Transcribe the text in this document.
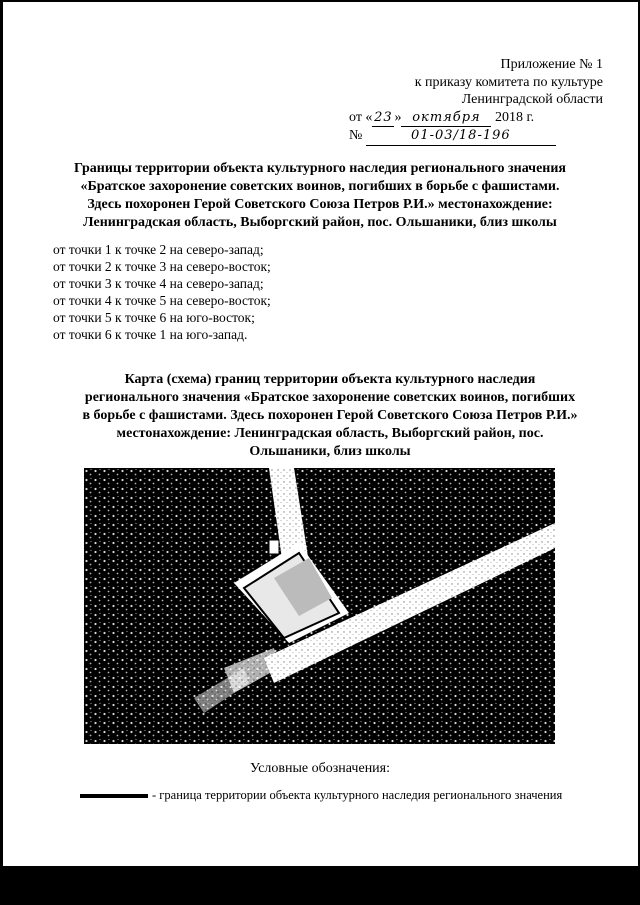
Приложение № 1
к приказу комитета по культуре
Ленинградской области
от « 23 » октября 2018 г.
№	01-03/18-196
Границы территории объекта культурного наследия регионального значения
«Братское захоронение советских воинов, погибших в борьбе с фашистами.
Здесь похоронен Герой Советского Союза Петров Р.И.» местонахождение:
Ленинградская область, Выборгский район, пос. Ольшаники, близ школы
от точки 1 к точке 2 на северо-запад;
от точки 2 к точке 3 на северо-восток;
от точки 3 к точке 4 на северо-запад;
от точки 4 к точке 5 на северо-восток;
от точки 5 к точке 6 на юго-восток;
от точки 6 к точке 1 на юго-запад.
Карта (схема) границ территории объекта культурного наследия
регионального значения «Братское захоронение советских воинов, погибших
в борьбе с фашистами. Здесь похоронен Герой Советского Союза Петров Р.И.»
местонахождение: Ленинградская область, Выборгский район, пос.
Ольшаники, близ школы
Условные обозначения:
- граница территории объекта культурного наследия регионального значения
